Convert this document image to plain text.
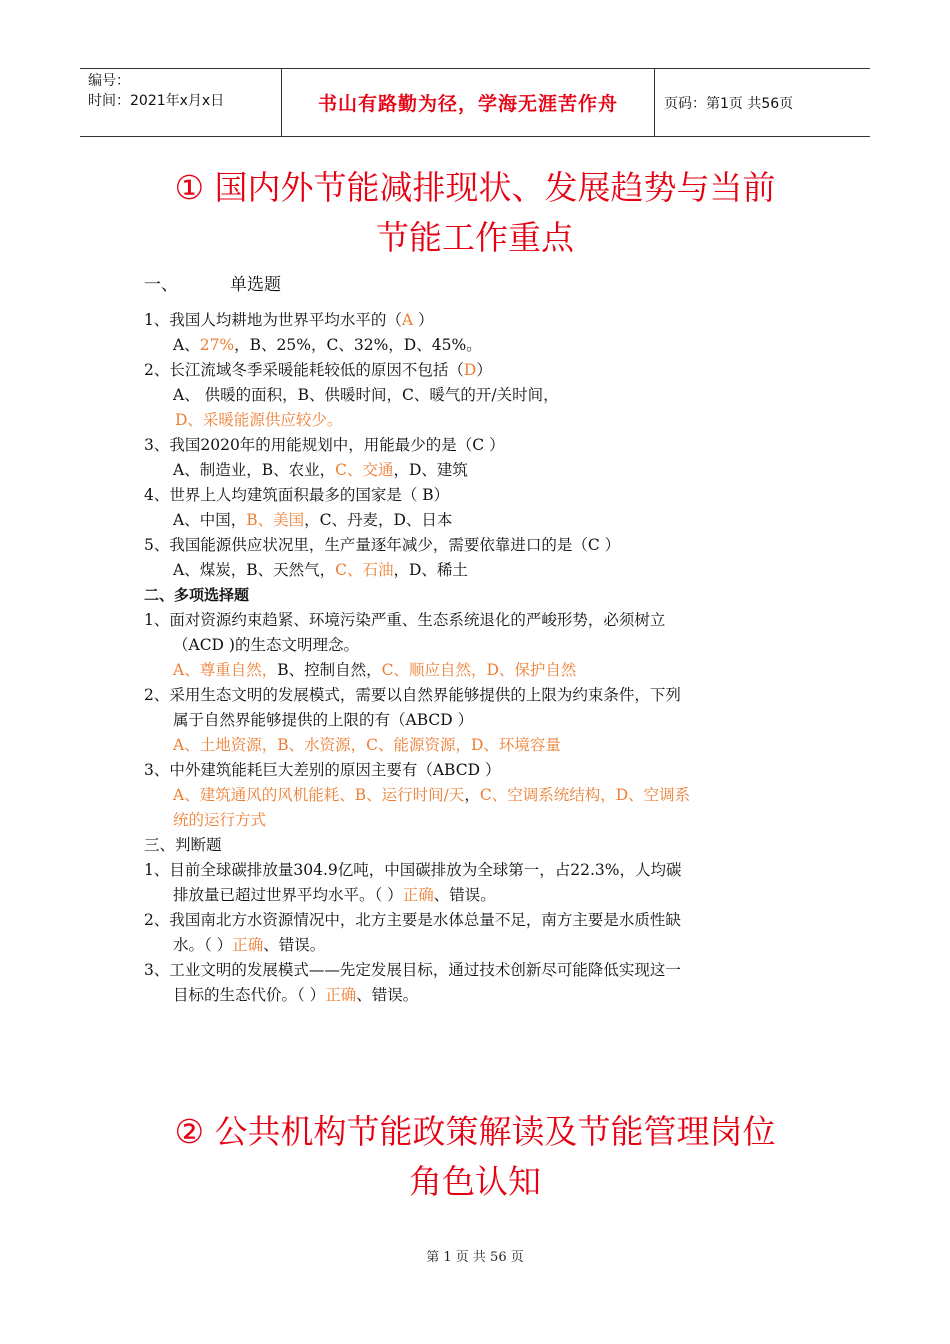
编号：
时间：2021年x月x日	书山有路勤为径，学海无涯苦作舟	页码：第1页 共56页
① 国内外节能减排现状、发展趋势与当前
节能工作重点
一、	单选题
1、我国人均耕地为世界平均水平的（A ）
A、27%，B、25%，C、32%，D、45%。
2、长江流域冬季采暖能耗较低的原因不包括（D）
A、 供暖的面积，B、供暖时间，C、暖气的开/关时间，
D、采暖能源供应较少。
3、我国2020年的用能规划中，用能最少的是（C ）
A、制造业，B、农业，C、交通，D、建筑
4、世界上人均建筑面积最多的国家是（ B）
A、中国，B、美国，C、丹麦，D、日本
5、我国能源供应状况里，生产量逐年减少，需要依靠进口的是（C ）
A、煤炭，B、天然气，C、石油，D、稀土
二、多项选择题
1、面对资源约束趋紧、环境污染严重、生态系统退化的严峻形势，必须树立
（ACD )的生态文明理念。
A、尊重自然，B、控制自然，C、顺应自然，D、保护自然
2、采用生态文明的发展模式，需要以自然界能够提供的上限为约束条件，下列
属于自然界能够提供的上限的有（ABCD ）
A、土地资源，B、水资源，C、能源资源，D、环境容量
3、中外建筑能耗巨大差别的原因主要有（ABCD ）
A、建筑通风的风机能耗、B、运行时间/天，C、空调系统结构，D、空调系
统的运行方式
三、判断题
1、目前全球碳排放量304.9亿吨，中国碳排放为全球第一，占22.3%，人均碳
排放量已超过世界平均水平。（ ）正确、错误。
2、我国南北方水资源情况中，北方主要是水体总量不足，南方主要是水质性缺
水。（ ）正确、错误。
3、工业文明的发展模式——先定发展目标，通过技术创新尽可能降低实现这一
目标的生态代价。（ ）正确、错误。
② 公共机构节能政策解读及节能管理岗位
角色认知
第 1 页 共 56 页
